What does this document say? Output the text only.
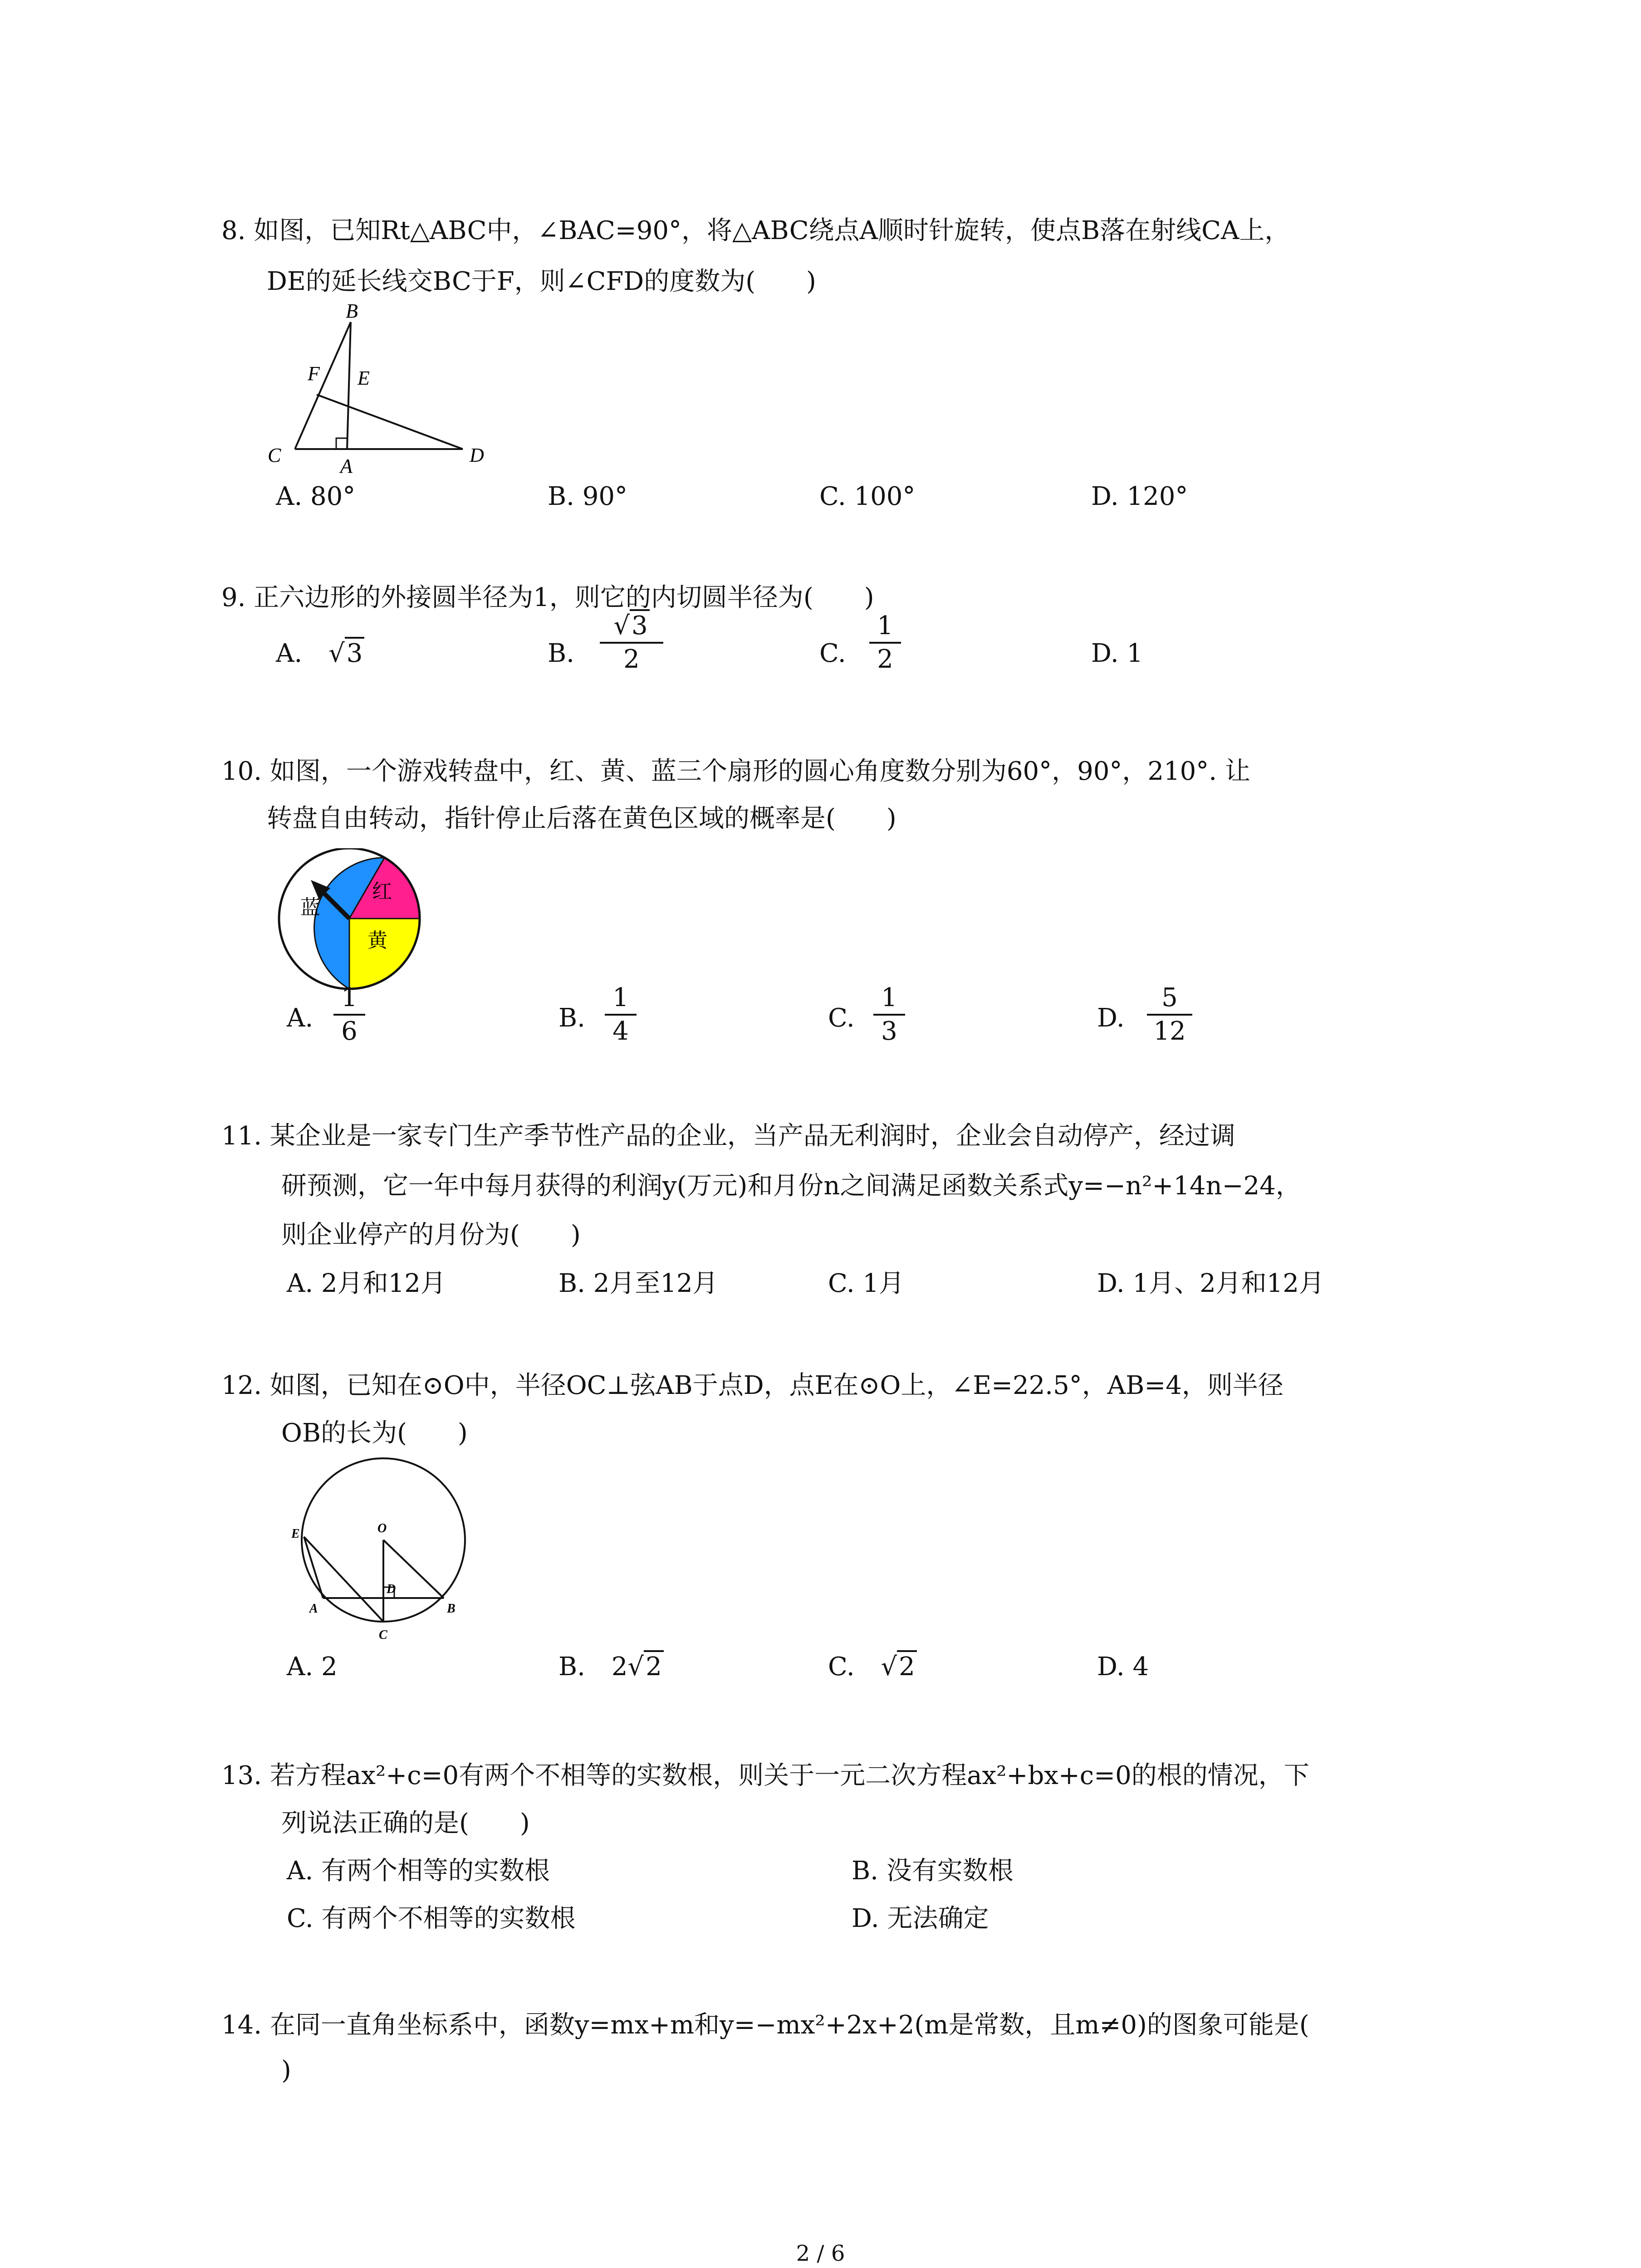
8. 如图，已知Rt△ABC中，∠BAC=90°，将△ABC绕点A顺时针旋转，使点B落在射线CA上，
DE的延长线交BC于F，则∠CFD的度数为(　　)
B
F E
C	A	D
A. 80°	B. 90°	C. 100°	D. 120°
9. 正六边形的外接圆半径为1，则它的内切圆半径为(　　)
A. √3	B.
√3
2	C.
1
2	D. 1
10. 如图，一个游戏转盘中，红、黄、蓝三个扇形的圆心角度数分别为60°，90°，210°. 让
转盘自由转动，指针停止后落在黄色区域的概率是(　　)
蓝
红
黄
A.
1
6	B.
1
4	C.
1
3	D.
5
12
11. 某企业是一家专门生产季节性产品的企业，当产品无利润时，企业会自动停产，经过调
研预测，它一年中每月获得的利润y(万元)和月份n之间满足函数关系式y=−n²+14n−24，
则企业停产的月份为(　　)
A. 2月和12月	B. 2月至12月	C. 1月	D. 1月、2月和12月
12. 如图，已知在⊙O中，半径OC⊥弦AB于点D，点E在⊙O上，∠E=22.5°，AB=4，则半径
OB的长为(　　)
E	O
D
A	B
C
A. 2	B. 2√2	C. √2	D. 4
13. 若方程ax²+c=0有两个不相等的实数根，则关于一元二次方程ax²+bx+c=0的根的情况，下
列说法正确的是(　　)
A. 有两个相等的实数根	B. 没有实数根
C. 有两个不相等的实数根	D. 无法确定
14. 在同一直角坐标系中，函数y=mx+m和y=−mx²+2x+2(m是常数，且m≠0)的图象可能是(
)
2 / 6
